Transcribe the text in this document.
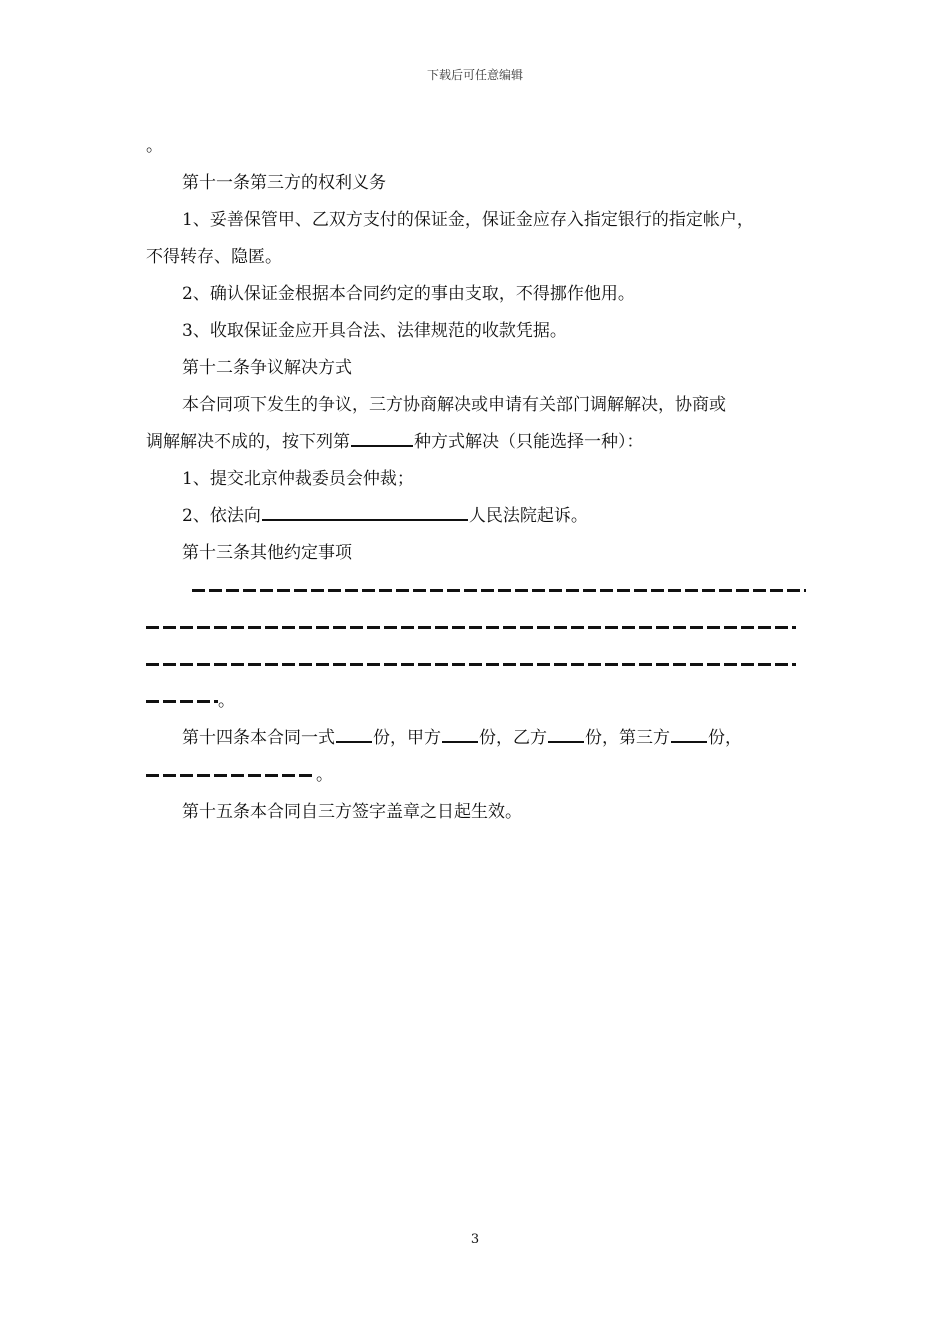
下载后可任意编辑
。
第十一条第三方的权利义务
1、妥善保管甲、乙双方支付的保证金，保证金应存入指定银行的指定帐户，
不得转存、隐匿。
2、确认保证金根据本合同约定的事由支取，不得挪作他用。
3、收取保证金应开具合法、法律规范的收款凭据。
第十二条争议解决方式
本合同项下发生的争议，三方协商解决或申请有关部门调解解决，协商或
调解解决不成的，按下列第	种方式解决（只能选择一种）：
1、提交北京仲裁委员会仲裁；
2、依法向	人民法院起诉。
第十三条其他约定事项
。
第十四条本合同一式 份，甲方 份，乙方 份，第三方 份，
。
第十五条本合同自三方签字盖章之日起生效。
3
